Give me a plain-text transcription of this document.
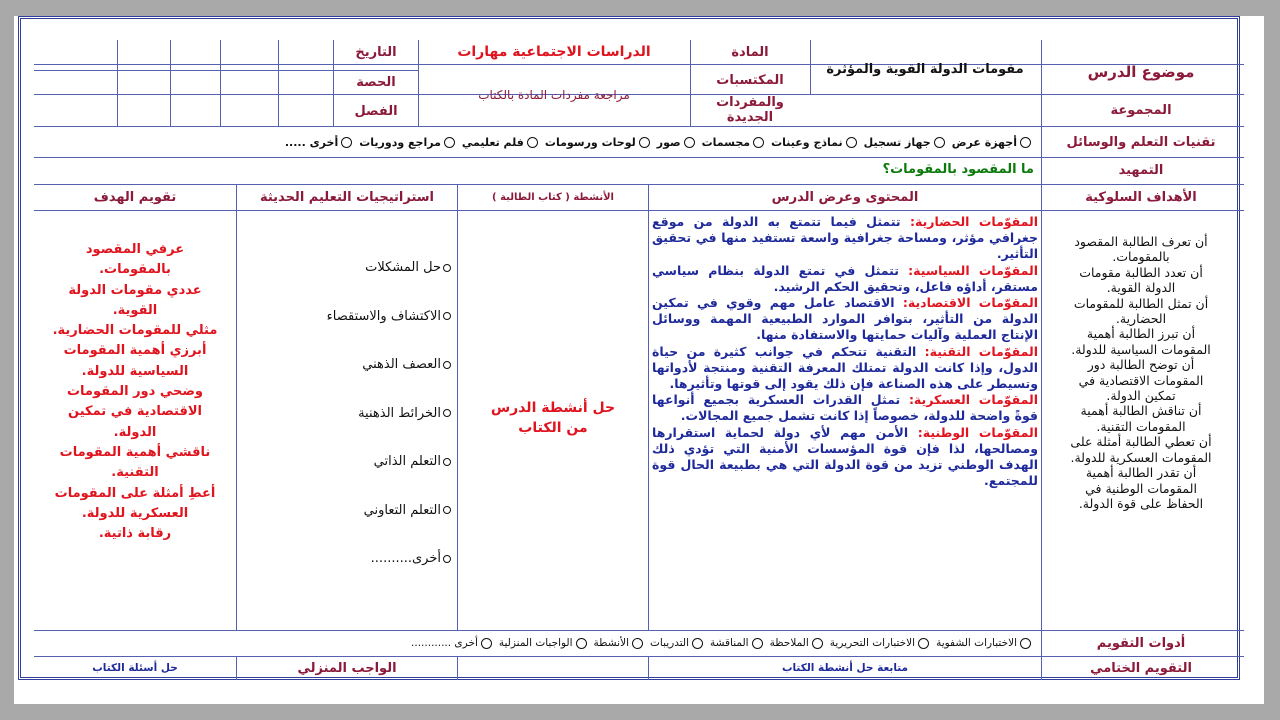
موضوع الدرس
مقومات الدولة القوية والمؤثرة
المجموعة
المادة
المكتسبات
والمفردات الجديدة
الدراسات الاجتماعية مهارات
مراجعة مفردات المادة بالكتاب
التاريخ
الحصة
الفصل
تقنيات التعلم والوسائل
أجهزة عرض
جهاز تسجيل
نماذج وعينات
مجسمات
صور
لوحات ورسومات
فلم تعليمي
مراجع ودوريات
أخرى .....
التمهيد
ما المقصود بالمقومات؟
الأهداف السلوكية
المحتوى وعرض الدرس
الأنشطة ( كتاب الطالبة )
استراتيجيات التعليم الحديثة
تقويم الهدف
أن تعرف الطالبة المقصود
بالمقومات.
أن تعدد الطالبة مقومات
الدولة القوية.
أن تمثل الطالبة للمقومات
الحضارية.
أن تبرز الطالبة أهمية
المقومات السياسية للدولة.
أن توضح الطالبة دور
المقومات الاقتصادية في
تمكين الدولة.
أن تناقش الطالبة أهمية
المقومات التقنية.
أن تعطي الطالبة أمثلة على
المقومات العسكرية للدولة.
أن تقدر الطالبة أهمية
المقومات الوطنية في
الحفاظ على قوة الدولة.
المقوّمات الحضارية: تتمثل فيما تتمتع به الدولة من موقع جغرافي مؤثر، ومساحة جغرافية واسعة تستفيد منها في تحقيق التأثير.
المقوّمات السياسية: تتمثل في تمتع الدولة بنظام سياسي مستقر، أداؤه فاعل، وتحقيق الحكم الرشيد.
المقوّمات الاقتصادية: الاقتصاد عامل مهم وقوي في تمكين الدولة من التأثير، بتوافر الموارد الطبيعية المهمة ووسائل الإنتاج العملية وآليات حمايتها والاستفادة منها.
المقوّمات التقنية: التقنية تتحكم في جوانب كثيرة من حياة الدول، وإذا كانت الدولة تمتلك المعرفة التقنية ومنتجة لأدواتها وتسيطر على هذه الصناعة فإن ذلك يقود إلى قوتها وتأثيرها.
المقوّمات العسكرية: تمثل القدرات العسكرية بجميع أنواعها قوةً واضحة للدولة، خصوصاً إذا كانت تشمل جميع المجالات.
المقوّمات الوطنية: الأمن مهم لأي دولة لحماية استقرارها ومصالحها، لذا فإن قوة المؤسسات الأمنية التي تؤدي ذلك الهدف الوطني تزيد من قوة الدولة التي هي بطبيعة الحال قوة للمجتمع.
حل أنشطة الدرس من الكتاب
حل المشكلات
الاكتشاف والاستقصاء
العصف الذهني
الخرائط الذهنية
التعلم الذاتي
التعلم التعاوني
أخرى..........
عرفي المقصود
بالمقومات.
عددي مقومات الدولة
القوية.
مثلي للمقومات الحضارية.
أبرزي أهمية المقومات
السياسية للدولة.
وضحي دور المقومات
الاقتصادية في تمكين
الدولة.
ناقشي أهمية المقومات
التقنية.
أعطِ أمثلة على المقومات
العسكرية للدولة.
رقابة ذاتية.
أدوات التقويم
الاختبارات الشفوية
الاختبارات التحريرية
الملاحظة
المناقشة
التدريبات
الأنشطة
الواجبات المنزلية
أخرى ............
التقويم الختامي
متابعة حل أنشطة الكتاب
الواجب المنزلي
حل أسئلة الكتاب
